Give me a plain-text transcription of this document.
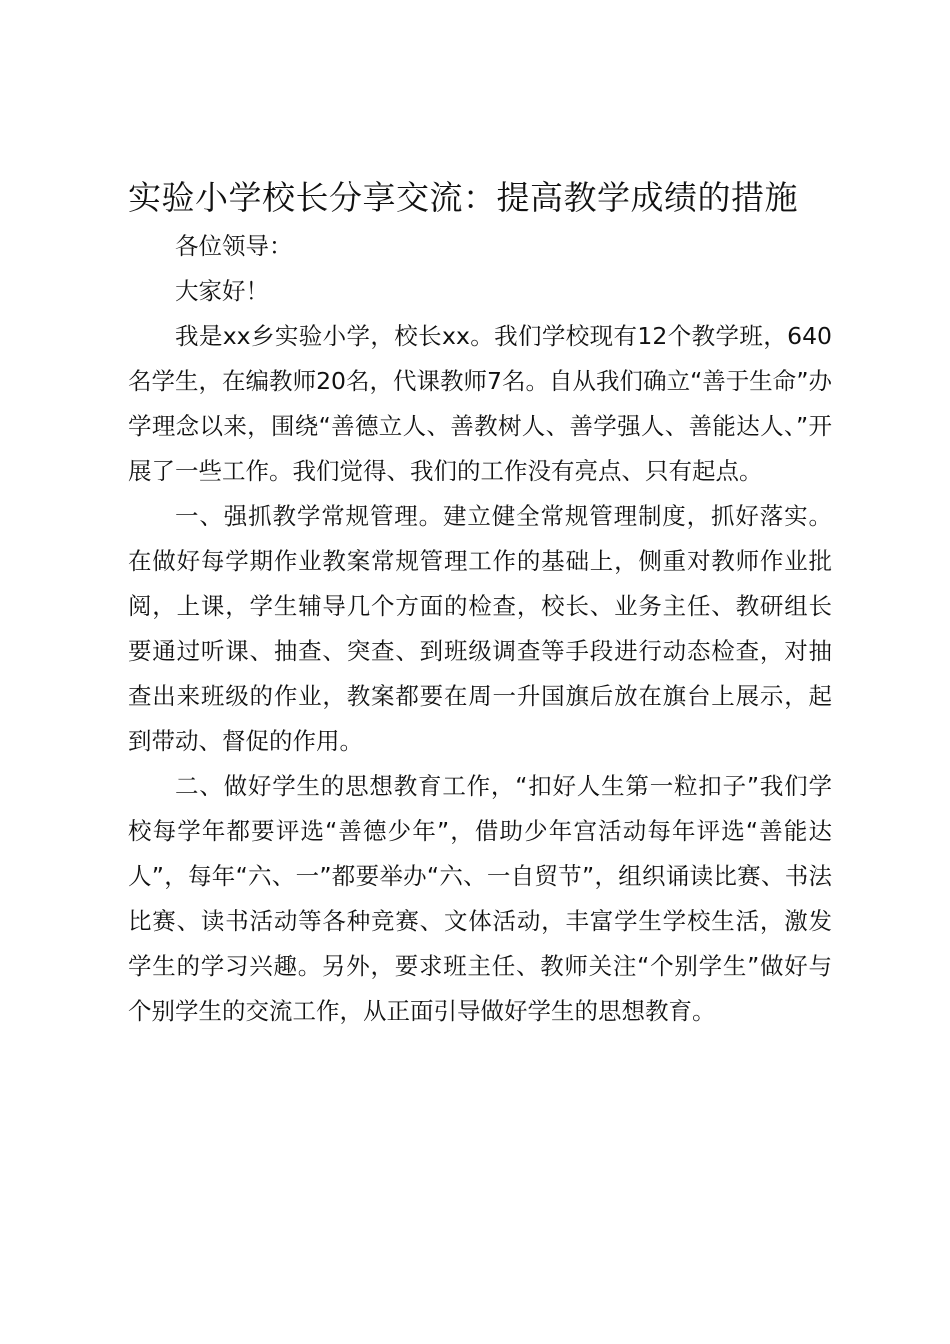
实验小学校长分享交流：提高教学成绩的措施

各位领导：

大家好！

我是xx乡实验小学，校长xx。我们学校现有12个教学班，640名学生，在编教师20名，代课教师7名。自从我们确立“善于生命”办学理念以来，围绕“善德立人、善教树人、善学强人、善能达人、”开展了一些工作。我们觉得、我们的工作没有亮点、只有起点。

一、强抓教学常规管理。建立健全常规管理制度，抓好落实。在做好每学期作业教案常规管理工作的基础上，侧重对教师作业批阅，上课，学生辅导几个方面的检查，校长、业务主任、教研组长要通过听课、抽查、突查、到班级调查等手段进行动态检查，对抽查出来班级的作业，教案都要在周一升国旗后放在旗台上展示，起到带动、督促的作用。

二、做好学生的思想教育工作，“扣好人生第一粒扣子”我们学校每学年都要评选“善德少年”，借助少年宫活动每年评选“善能达人”，每年“六、一”都要举办“六、一自贸节”，组织诵读比赛、书法比赛、读书活动等各种竞赛、文体活动，丰富学生学校生活，激发学生的学习兴趣。另外，要求班主任、教师关注“个别学生”做好与个别学生的交流工作，从正面引导做好学生的思想教育。
